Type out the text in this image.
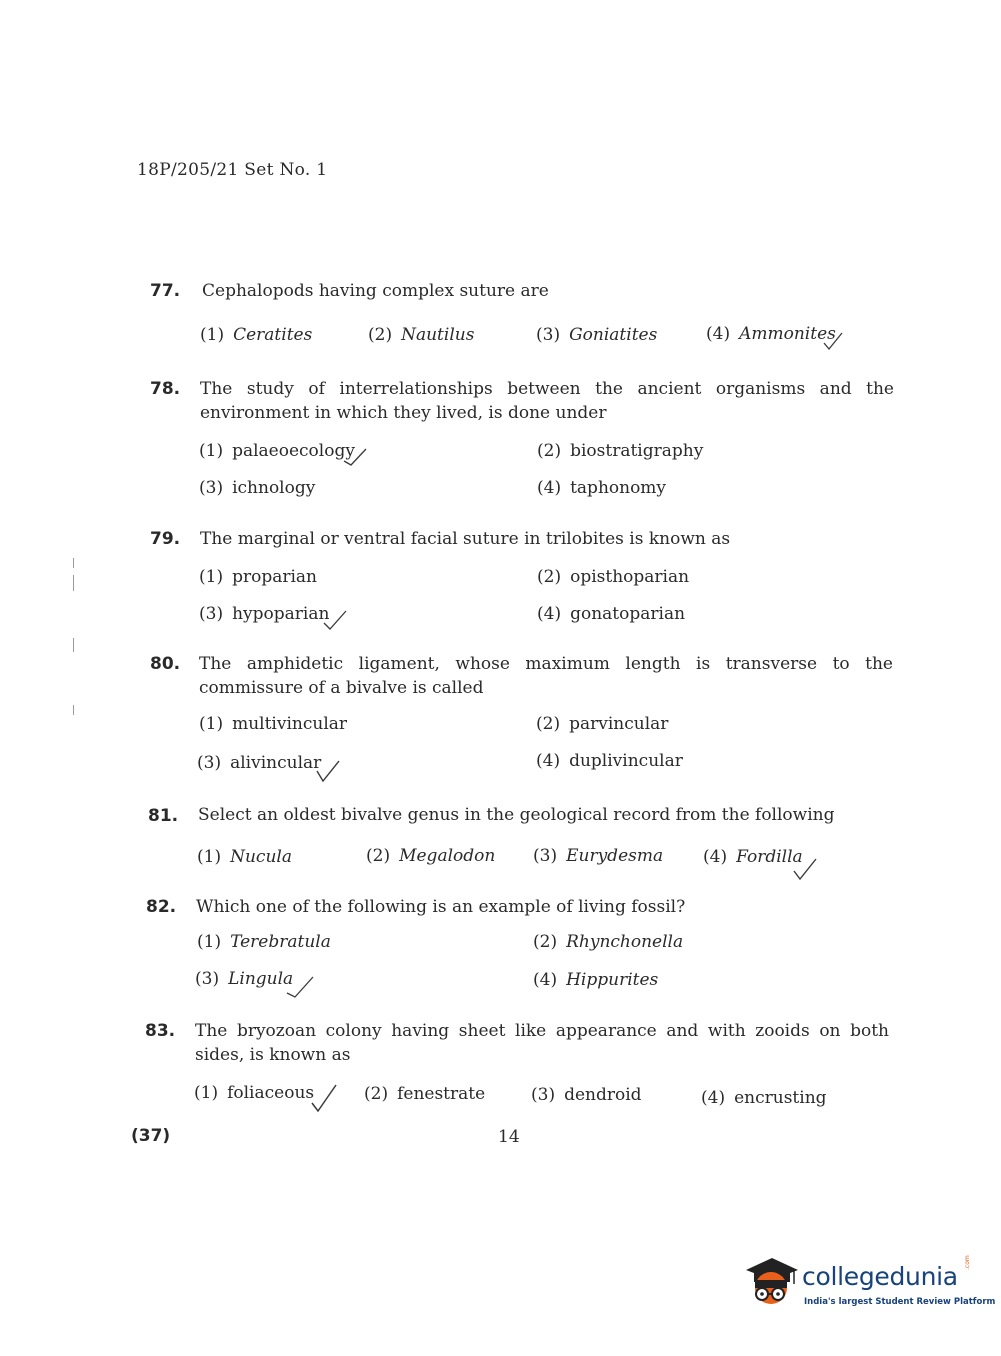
18P/205/21 Set No. 1
77. Cephalopods having complex suture are
(1) Ceratites	(2) Nautilus	(3) Goniatites	(4) Ammonites
78. The study of interrelationships between the ancient organisms and the environment in which they lived, is done under
(1) palaeoecology	(2) biostratigraphy
(3) ichnology	(4) taphonomy
79. The marginal or ventral facial suture in trilobites is known as
(1) proparian	(2) opisthoparian
(3) hypoparian	(4) gonatoparian
80. The amphidetic ligament, whose maximum length is transverse to the commissure of a bivalve is called
(1) multivincular	(2) parvincular
(3) alivincular	(4) duplivincular
81. Select an oldest bivalve genus in the geological record from the following
(1) Nucula	(2) Megalodon (3) Eurydesma (4) Fordilla
82. Which one of the following is an example of living fossil?
(1) Terebratula	(2) Rhynchonella
(3) Lingula	(4) Hippurites
83. The bryozoan colony having sheet like appearance and with zooids on both sides, is known as
(1) foliaceous	(2) fenestrate	(3) dendroid	(4) encrusting
(37)	14
collegedunia .com
India's largest Student Review Platform
